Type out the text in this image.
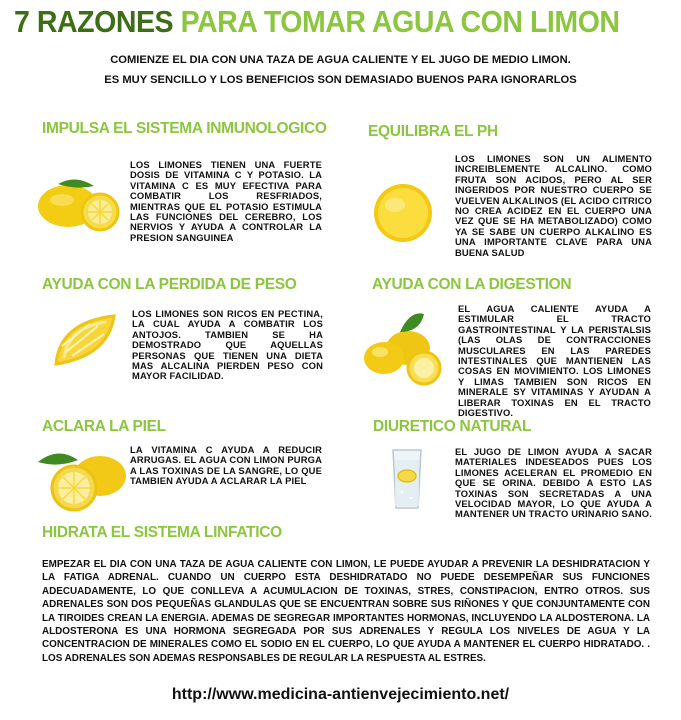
7 RAZONES PARA TOMAR AGUA CON LIMON
COMIENZE EL DIA CON UNA TAZA DE AGUA CALIENTE Y EL JUGO DE MEDIO LIMON.
ES MUY SENCILLO Y LOS BENEFICIOS SON DEMASIADO BUENOS PARA IGNORARLOS
IMPULSA EL SISTEMA INMUNOLOGICO
LOS LIMONES TIENEN UNA FUERTE DOSIS DE VITAMINA C Y POTASIO. LA VITAMINA C ES MUY EFECTIVA PARA COMBATIR LOS RESFRIADOS, MIENTRAS QUE EL POTASIO ESTIMULA LAS FUNCIONES DEL CEREBRO, LOS NERVIOS Y AYUDA A CONTROLAR LA PRESION SANGUINEA
EQUILIBRA EL PH
LOS LIMONES SON UN ALIMENTO INCREIBLEMENTE ALCALINO. COMO FRUTA SON ACIDOS, PERO AL SER INGERIDOS POR NUESTRO CUERPO SE VUELVEN ALKALINOS (EL ACIDO CITRICO NO CREA ACIDEZ EN EL CUERPO UNA VEZ QUE SE HA METABOLIZADO) COMO YA SE SABE UN CUERPO ALKALINO ES UNA IMPORTANTE CLAVE PARA UNA BUENA SALUD
AYUDA CON LA PERDIDA DE PESO
LOS LIMONES SON RICOS EN PECTINA, LA CUAL AYUDA A COMBATIR LOS ANTOJOS. TAMBIEN SE HA DEMOSTRADO QUE AQUELLAS PERSONAS QUE TIENEN UNA DIETA MAS ALCALINA PIERDEN PESO CON MAYOR FACILIDAD.
AYUDA CON LA DIGESTION
EL AGUA CALIENTE AYUDA A ESTIMULAR EL TRACTO GASTROINTESTINAL Y LA PERISTALSIS (LAS OLAS DE CONTRACCIONES MUSCULARES EN LAS PAREDES INTESTINALES QUE MANTIENEN LAS COSAS EN MOVIMIENTO. LOS LIMONES Y LIMAS TAMBIEN SON RICOS EN MINERALE SY VITAMINAS Y AYUDAN A LIBERAR TOXINAS EN EL TRACTO DIGESTIVO.
ACLARA LA PIEL
LA VITAMINA C AYUDA A REDUCIR ARRUGAS. EL AGUA CON LIMON PURGA A LAS TOXINAS DE LA SANGRE, LO QUE TAMBIEN AYUDA A ACLARAR LA PIEL
DIURETICO NATURAL
EL JUGO DE LIMON AYUDA A SACAR MATERIALES INDESEADOS PUES LOS LIMONES ACELERAN EL PROMEDIO EN QUE SE ORINA. DEBIDO A ESTO LAS TOXINAS SON SECRETADAS A UNA VELOCIDAD MAYOR, LO QUE AYUDA A MANTENER UN TRACTO URINARIO SANO.
HIDRATA EL SISTEMA LINFATICO
EMPEZAR EL DIA CON UNA TAZA DE AGUA CALIENTE CON LIMON, LE PUEDE AYUDAR A PREVENIR LA DESHIDRATACION Y LA FATIGA ADRENAL. CUANDO UN CUERPO ESTA DESHIDRATADO NO PUEDE DESEMPEÑAR SUS FUNCIONES ADECUADAMENTE, LO QUE CONLLEVA A ACUMULACION DE TOXINAS, STRES, CONSTIPACION, ENTRO OTROS. SUS ADRENALES SON DOS PEQUEÑAS GLANDULAS QUE SE ENCUENTRAN SOBRE SUS RIÑONES Y QUE CONJUNTAMENTE CON LA TIROIDES CREAN LA ENERGIA. ADEMAS DE SEGREGAR IMPORTANTES HORMONAS, INCLUYENDO LA ALDOSTERONA. LA ALDOSTERONA ES UNA HORMONA SEGREGADA POR SUS ADRENALES Y REGULA LOS NIVELES DE AGUA Y LA CONCENTRACION DE MINERALES COMO EL SODIO EN EL CUERPO, LO QUE AYUDA A MANTENER EL CUERPO HIDRATADO. . LOS ADRENALES SON ADEMAS RESPONSABLES DE REGULAR LA RESPUESTA AL ESTRES.
http://www.medicina-antienvejecimiento.net/
